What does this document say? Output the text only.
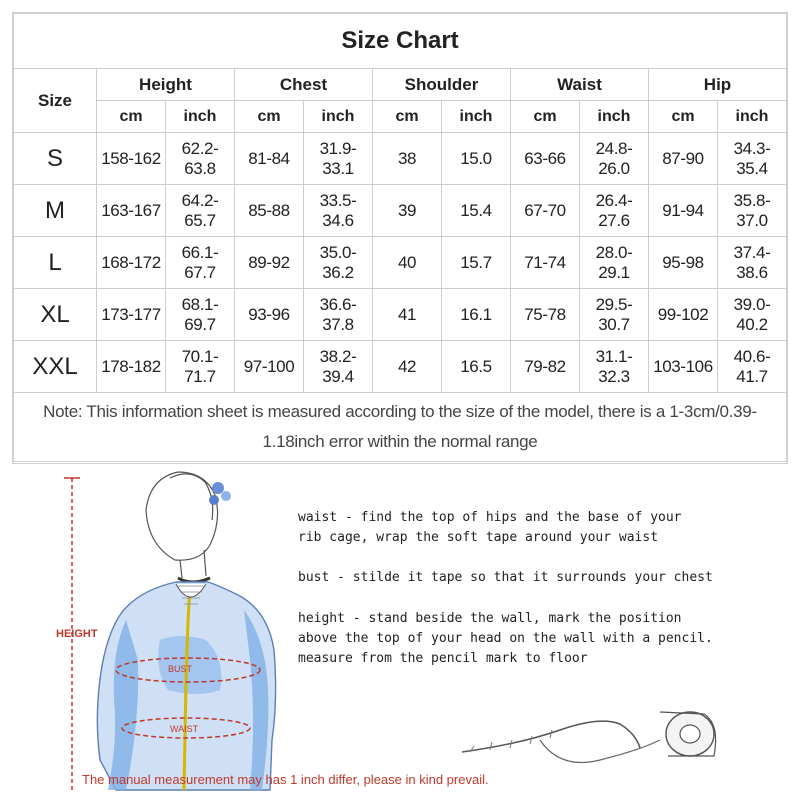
Size Chart										
Size	Height		Chest		Shoulder		Waist		Hip	
	cm	inch	cm	inch	cm	inch	cm	inch	cm	inch
S	158-162	62.2-63.8	81-84	31.9-33.1	38	15.0	63-66	24.8-26.0	87-90	34.3-35.4
M	163-167	64.2-65.7	85-88	33.5-34.6	39	15.4	67-70	26.4-27.6	91-94	35.8-37.0
L	168-172	66.1-67.7	89-92	35.0-36.2	40	15.7	71-74	28.0-29.1	95-98	37.4-38.6
XL	173-177	68.1-69.7	93-96	36.6-37.8	41	16.1	75-78	29.5-30.7	99-102	39.0-40.2
XXL	178-182	70.1-71.7	97-100	38.2-39.4	42	16.5	79-82	31.1-32.3	103-106	40.6-41.7
Note: This information sheet is measured according to the size of the model, there is a 1-3cm/0.39-1.18inch error within the normal range										
HEIGHT
BUST
WAIST
waist - find the top of hips and the base of your
rib cage, wrap the soft tape around your waist
bust - stilde it tape so that it surrounds your chest
height - stand beside the wall, mark the position
above the top of your head on the wall with a pencil.
measure from the pencil mark to floor
The manual measurement may has 1 inch differ, please in kind prevail.
